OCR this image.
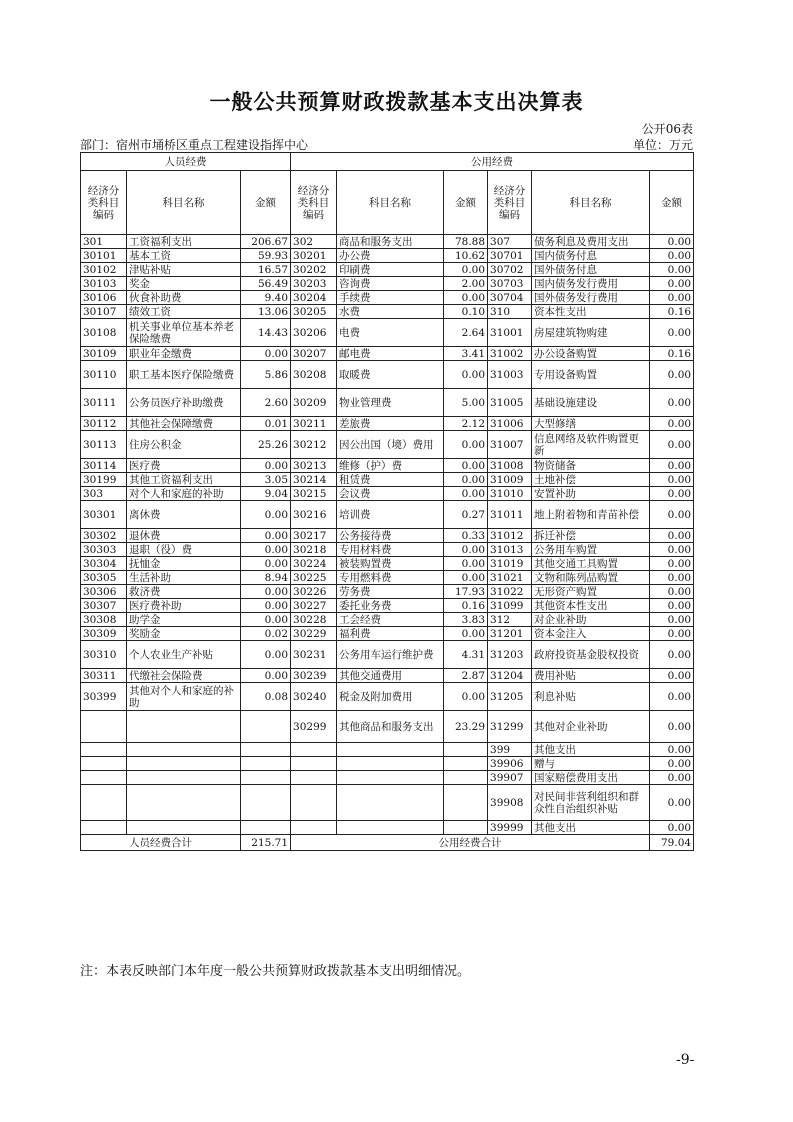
一般公共预算财政拨款基本支出决算表
公开06表
部门：宿州市埇桥区重点工程建设指挥中心	单位：万元
人员经费			公用经费					
经济分类科目编码	科目名称	金额	经济分类科目编码	科目名称	金额	经济分类科目编码	科目名称	金额
301	工资福利支出	206.67	302	商品和服务支出	78.88	307	债务利息及费用支出	0.00
30101	基本工资	59.93	30201	办公费	10.62	30701	国内债务付息	0.00
30102	津贴补贴	16.57	30202	印刷费	0.00	30702	国外债务付息	0.00
30103	奖金	56.49	30203	咨询费	2.00	30703	国内债务发行费用	0.00
30106	伙食补助费	9.40	30204	手续费	0.00	30704	国外债务发行费用	0.00
30107	绩效工资	13.06	30205	水费	0.10	310	资本性支出	0.16
30108	机关事业单位基本养老保险缴费	14.43	30206	电费	2.64	31001	房屋建筑物购建	0.00
30109	职业年金缴费	0.00	30207	邮电费	3.41	31002	办公设备购置	0.16
30110	职工基本医疗保险缴费	5.86	30208	取暖费	0.00	31003	专用设备购置	0.00
30111	公务员医疗补助缴费	2.60	30209	物业管理费	5.00	31005	基础设施建设	0.00
30112	其他社会保障缴费	0.01	30211	差旅费	2.12	31006	大型修缮	0.00
30113	住房公积金	25.26	30212	因公出国（境）费用	0.00	31007	信息网络及软件购置更新	0.00
30114	医疗费	0.00	30213	维修（护）费	0.00	31008	物资储备	0.00
30199	其他工资福利支出	3.05	30214	租赁费	0.00	31009	土地补偿	0.00
303	对个人和家庭的补助	9.04	30215	会议费	0.00	31010	安置补助	0.00
30301	离休费	0.00	30216	培训费	0.27	31011	地上附着物和青苗补偿	0.00
30302	退休费	0.00	30217	公务接待费	0.33	31012	拆迁补偿	0.00
30303	退职（役）费	0.00	30218	专用材料费	0.00	31013	公务用车购置	0.00
30304	抚恤金	0.00	30224	被装购置费	0.00	31019	其他交通工具购置	0.00
30305	生活补助	8.94	30225	专用燃料费	0.00	31021	文物和陈列品购置	0.00
30306	救济费	0.00	30226	劳务费	17.93	31022	无形资产购置	0.00
30307	医疗费补助	0.00	30227	委托业务费	0.16	31099	其他资本性支出	0.00
30308	助学金	0.00	30228	工会经费	3.83	312	对企业补助	0.00
30309	奖励金	0.02	30229	福利费	0.00	31201	资本金注入	0.00
30310	个人农业生产补贴	0.00	30231	公务用车运行维护费	4.31	31203	政府投资基金股权投资	0.00
30311	代缴社会保险费	0.00	30239	其他交通费用	2.87	31204	费用补贴	0.00
30399	其他对个人和家庭的补助	0.08	30240	税金及附加费用	0.00	31205	利息补贴	0.00
			30299	其他商品和服务支出	23.29	31299	其他对企业补助	0.00
						399	其他支出	0.00
						39906	赠与	0.00
						39907	国家赔偿费用支出	0.00
						39908	对民间非营利组织和群众性自治组织补贴	0.00
						39999	其他支出	0.00
人员经费合计		215.71	公用经费合计					79.04
注：本表反映部门本年度一般公共预算财政拨款基本支出明细情况。
-9-
